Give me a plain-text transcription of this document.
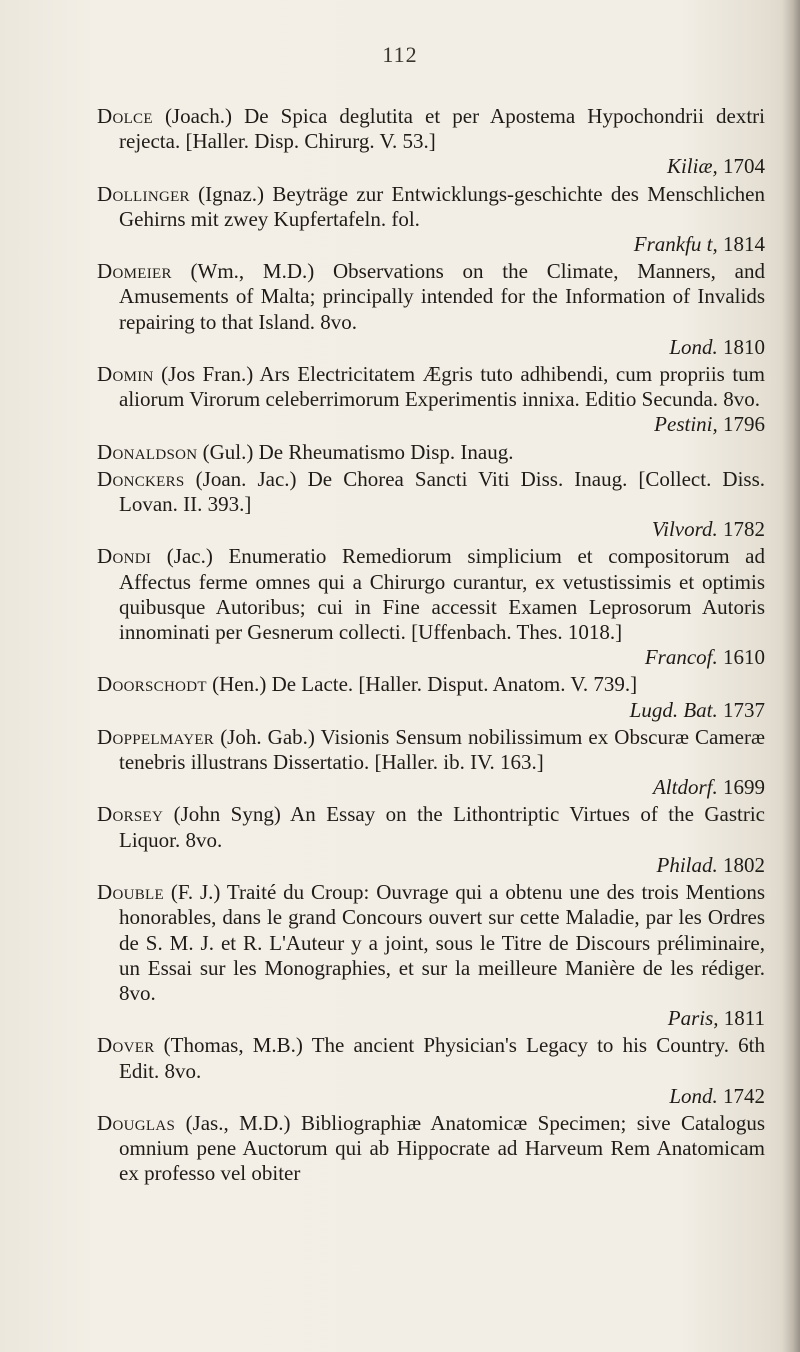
112

Dolce (Joach.) De Spica deglutita et per Apostema Hypochondrii dextri rejecta. [Haller. Disp. Chirurg. V. 53.]
Kiliæ, 1704

Dollinger (Ignaz.) Beyträge zur Entwicklungs-geschichte des Menschlichen Gehirns mit zwey Kupfertafeln. fol.
Frankfu t, 1814

Domeier (Wm., M.D.) Observations on the Climate, Manners, and Amusements of Malta; principally intended for the Information of Invalids repairing to that Island. 8vo.
Lond. 1810

Domin (Jos Fran.) Ars Electricitatem Ægris tuto adhibendi, cum propriis tum aliorum Virorum celeberrimorum Experimentis innixa. Editio Secunda. 8vo.
Pestini, 1796

Donaldson (Gul.) De Rheumatismo Disp. Inaug.

Donckers (Joan. Jac.) De Chorea Sancti Viti Diss. Inaug. [Collect. Diss. Lovan. II. 393.]
Vilvord. 1782

Dondi (Jac.) Enumeratio Remediorum simplicium et compositorum ad Affectus ferme omnes qui a Chirurgo curantur, ex vetustissimis et optimis quibusque Autoribus; cui in Fine accessit Examen Leprosorum Autoris innominati per Gesnerum collecti. [Uffenbach. Thes. 1018.]
Francof. 1610

Doorschodt (Hen.) De Lacte. [Haller. Disput. Anatom. V. 739.]
Lugd. Bat. 1737

Doppelmayer (Joh. Gab.) Visionis Sensum nobilissimum ex Obscuræ Cameræ tenebris illustrans Dissertatio. [Haller. ib. IV. 163.]
Altdorf. 1699

Dorsey (John Syng) An Essay on the Lithontriptic Virtues of the Gastric Liquor. 8vo.
Philad. 1802

Double (F. J.) Traité du Croup: Ouvrage qui a obtenu une des trois Mentions honorables, dans le grand Concours ouvert sur cette Maladie, par les Ordres de S. M. J. et R. L'Auteur y a joint, sous le Titre de Discours préliminaire, un Essai sur les Monographies, et sur la meilleure Manière de les rédiger. 8vo.
Paris, 1811

Dover (Thomas, M.B.) The ancient Physician's Legacy to his Country. 6th Edit. 8vo.
Lond. 1742

Douglas (Jas., M.D.) Bibliographiæ Anatomicæ Specimen; sive Catalogus omnium pene Auctorum qui ab Hippocrate ad Harveum Rem Anatomicam ex professo vel obiter
